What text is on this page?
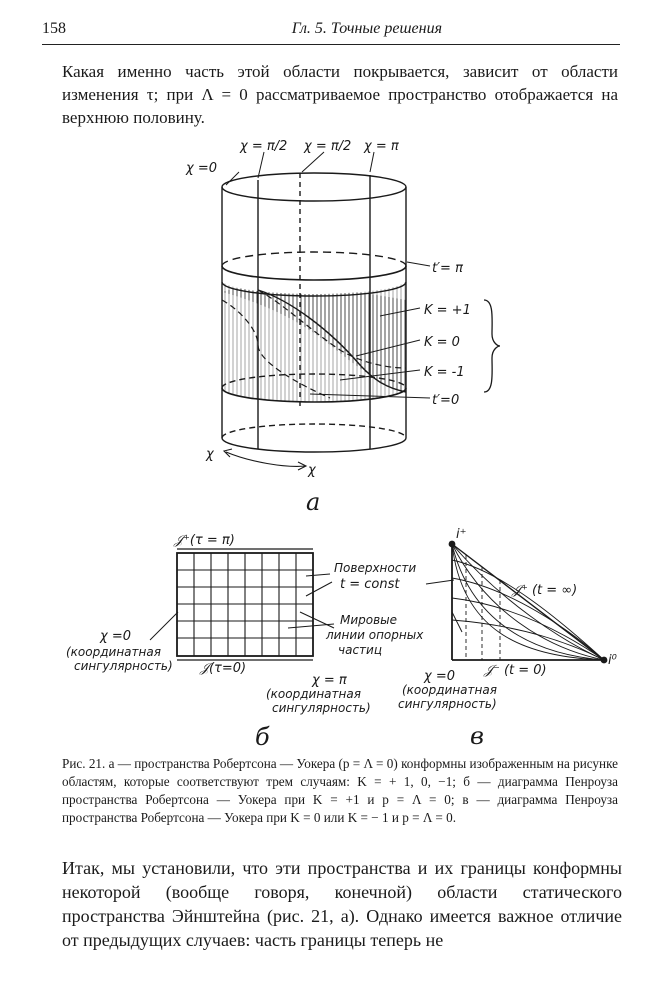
158	Гл. 5. Точные решения

Какая именно часть этой области покрывается, зависит от области изменения τ; при Λ = 0 рассматриваемое пространство отображается на верхнюю половину.

χ =0
χ = π/2 χ = π/2 χ = π
t′= π
K = +1
K = 0
K = -1
t′=0
χ
χ
а
𝒥⁺(τ = π)
𝒥(τ=0)
Поверхности
t = const
Мировые
линии опорных
частиц
χ =0
(координатная
сингулярность)
χ = π
(координатная
сингулярность)
б
i⁺
i⁰
𝒥⁺ (t = ∞)
𝒥⁻ (t = 0)
χ =0
(координатная
сингулярность)
в

Рис. 21. а — пространства Робертсона — Уокера (p = Λ = 0) конформны изображенным на рисунке областям, которые соответствуют трем случаям: K = + 1, 0, −1; б — диаграмма Пенроуза пространства Робертсона — Уокера при K = +1 и p = Λ = 0; в — диаграмма Пенроуза пространства Робертсона — Уокера при K = 0 или K = − 1 и p = Λ = 0.

Итак, мы установили, что эти пространства и их границы конформны некоторой (вообще говоря, конечной) области статического пространства Эйнштейна (рис. 21, а). Однако имеется важное отличие от предыдущих случаев: часть границы теперь не
